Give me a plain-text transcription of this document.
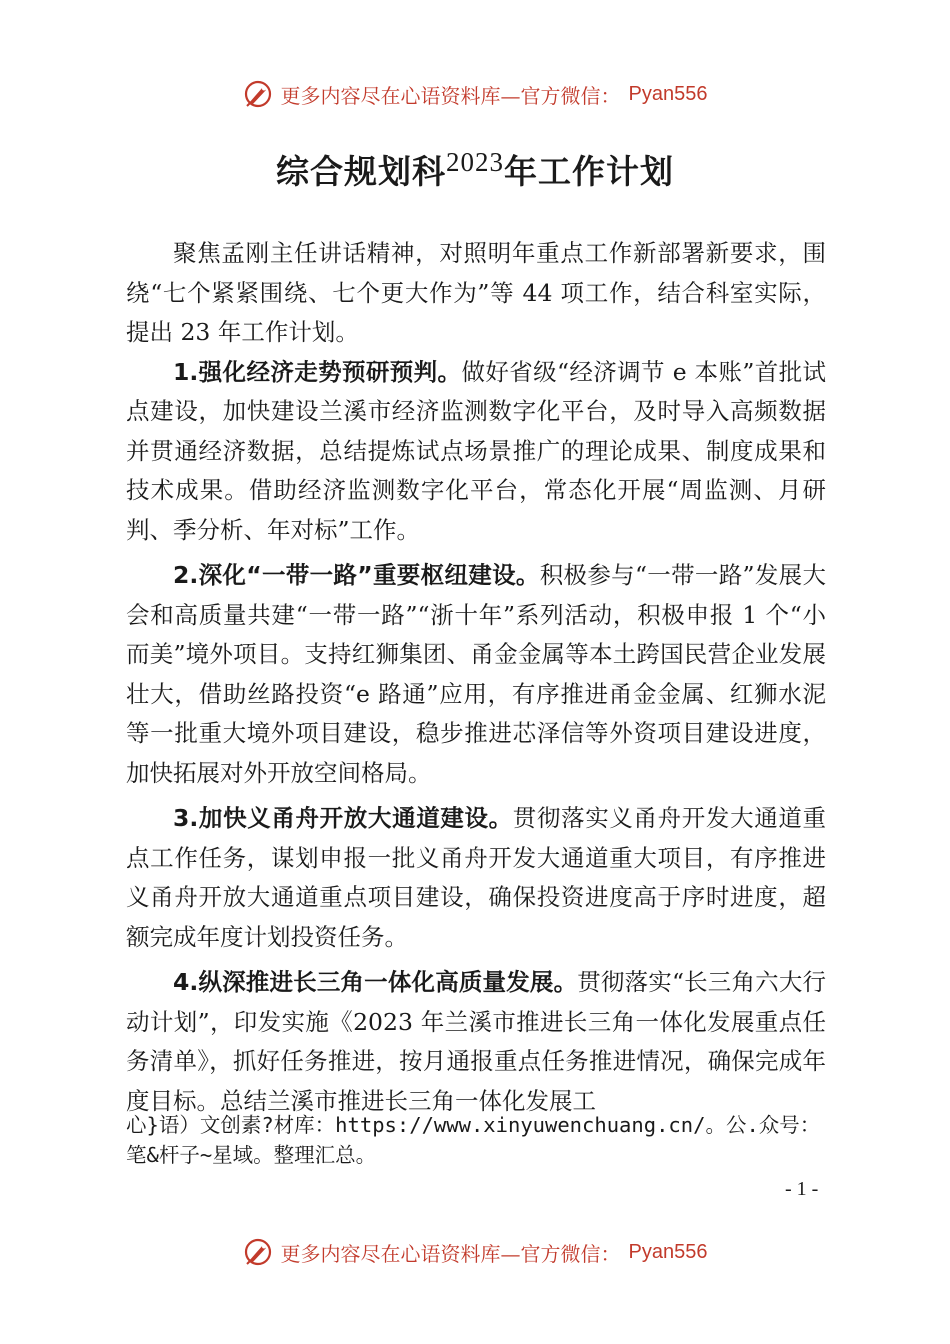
更多内容尽在心语资料库—官方微信： Pyan556
综合规划科$^{2023}$年工作计划

聚焦孟刚主任讲话精神，对照明年重点工作新部署新要求，围绕“七个紧紧围绕、七个更大作为”等 44 项工作，结合科室实际，提出 23 年工作计划。

1.强化经济走势预研预判。做好省级“经济调节 e 本账”首批试点建设，加快建设兰溪市经济监测数字化平台，及时导入高频数据并贯通经济数据，总结提炼试点场景推广的理论成果、制度成果和技术成果。借助经济监测数字化平台，常态化开展“周监测、月研判、季分析、年对标”工作。

2.深化“一带一路”重要枢纽建设。积极参与“一带一路”发展大会和高质量共建“一带一路”“浙十年”系列活动，积极申报 1 个“小而美”境外项目。支持红狮集团、甬金金属等本土跨国民营企业发展壮大，借助丝路投资“e 路通”应用，有序推进甬金金属、红狮水泥等一批重大境外项目建设，稳步推进芯泽信等外资项目建设进度，加快拓展对外开放空间格局。

3.加快义甬舟开放大通道建设。贯彻落实义甬舟开发大通道重点工作任务，谋划申报一批义甬舟开发大通道重大项目，有序推进义甬舟开放大通道重点项目建设，确保投资进度高于序时进度，超额完成年度计划投资任务。

4.纵深推进长三角一体化高质量发展。贯彻落实“长三角六大行动计划”，印发实施《2023 年兰溪市推进长三角一体化发展重点任务清单》，抓好任务推进，按月通报重点任务推进情况，确保完成年度目标。总结兰溪市推进长三角一体化发展工

心}语）文创素?材库：https://www.xinyuwenchuang.cn/。公.众号：笔&杆子~星域。整理汇总。
- 1 -
更多内容尽在心语资料库—官方微信： Pyan556
